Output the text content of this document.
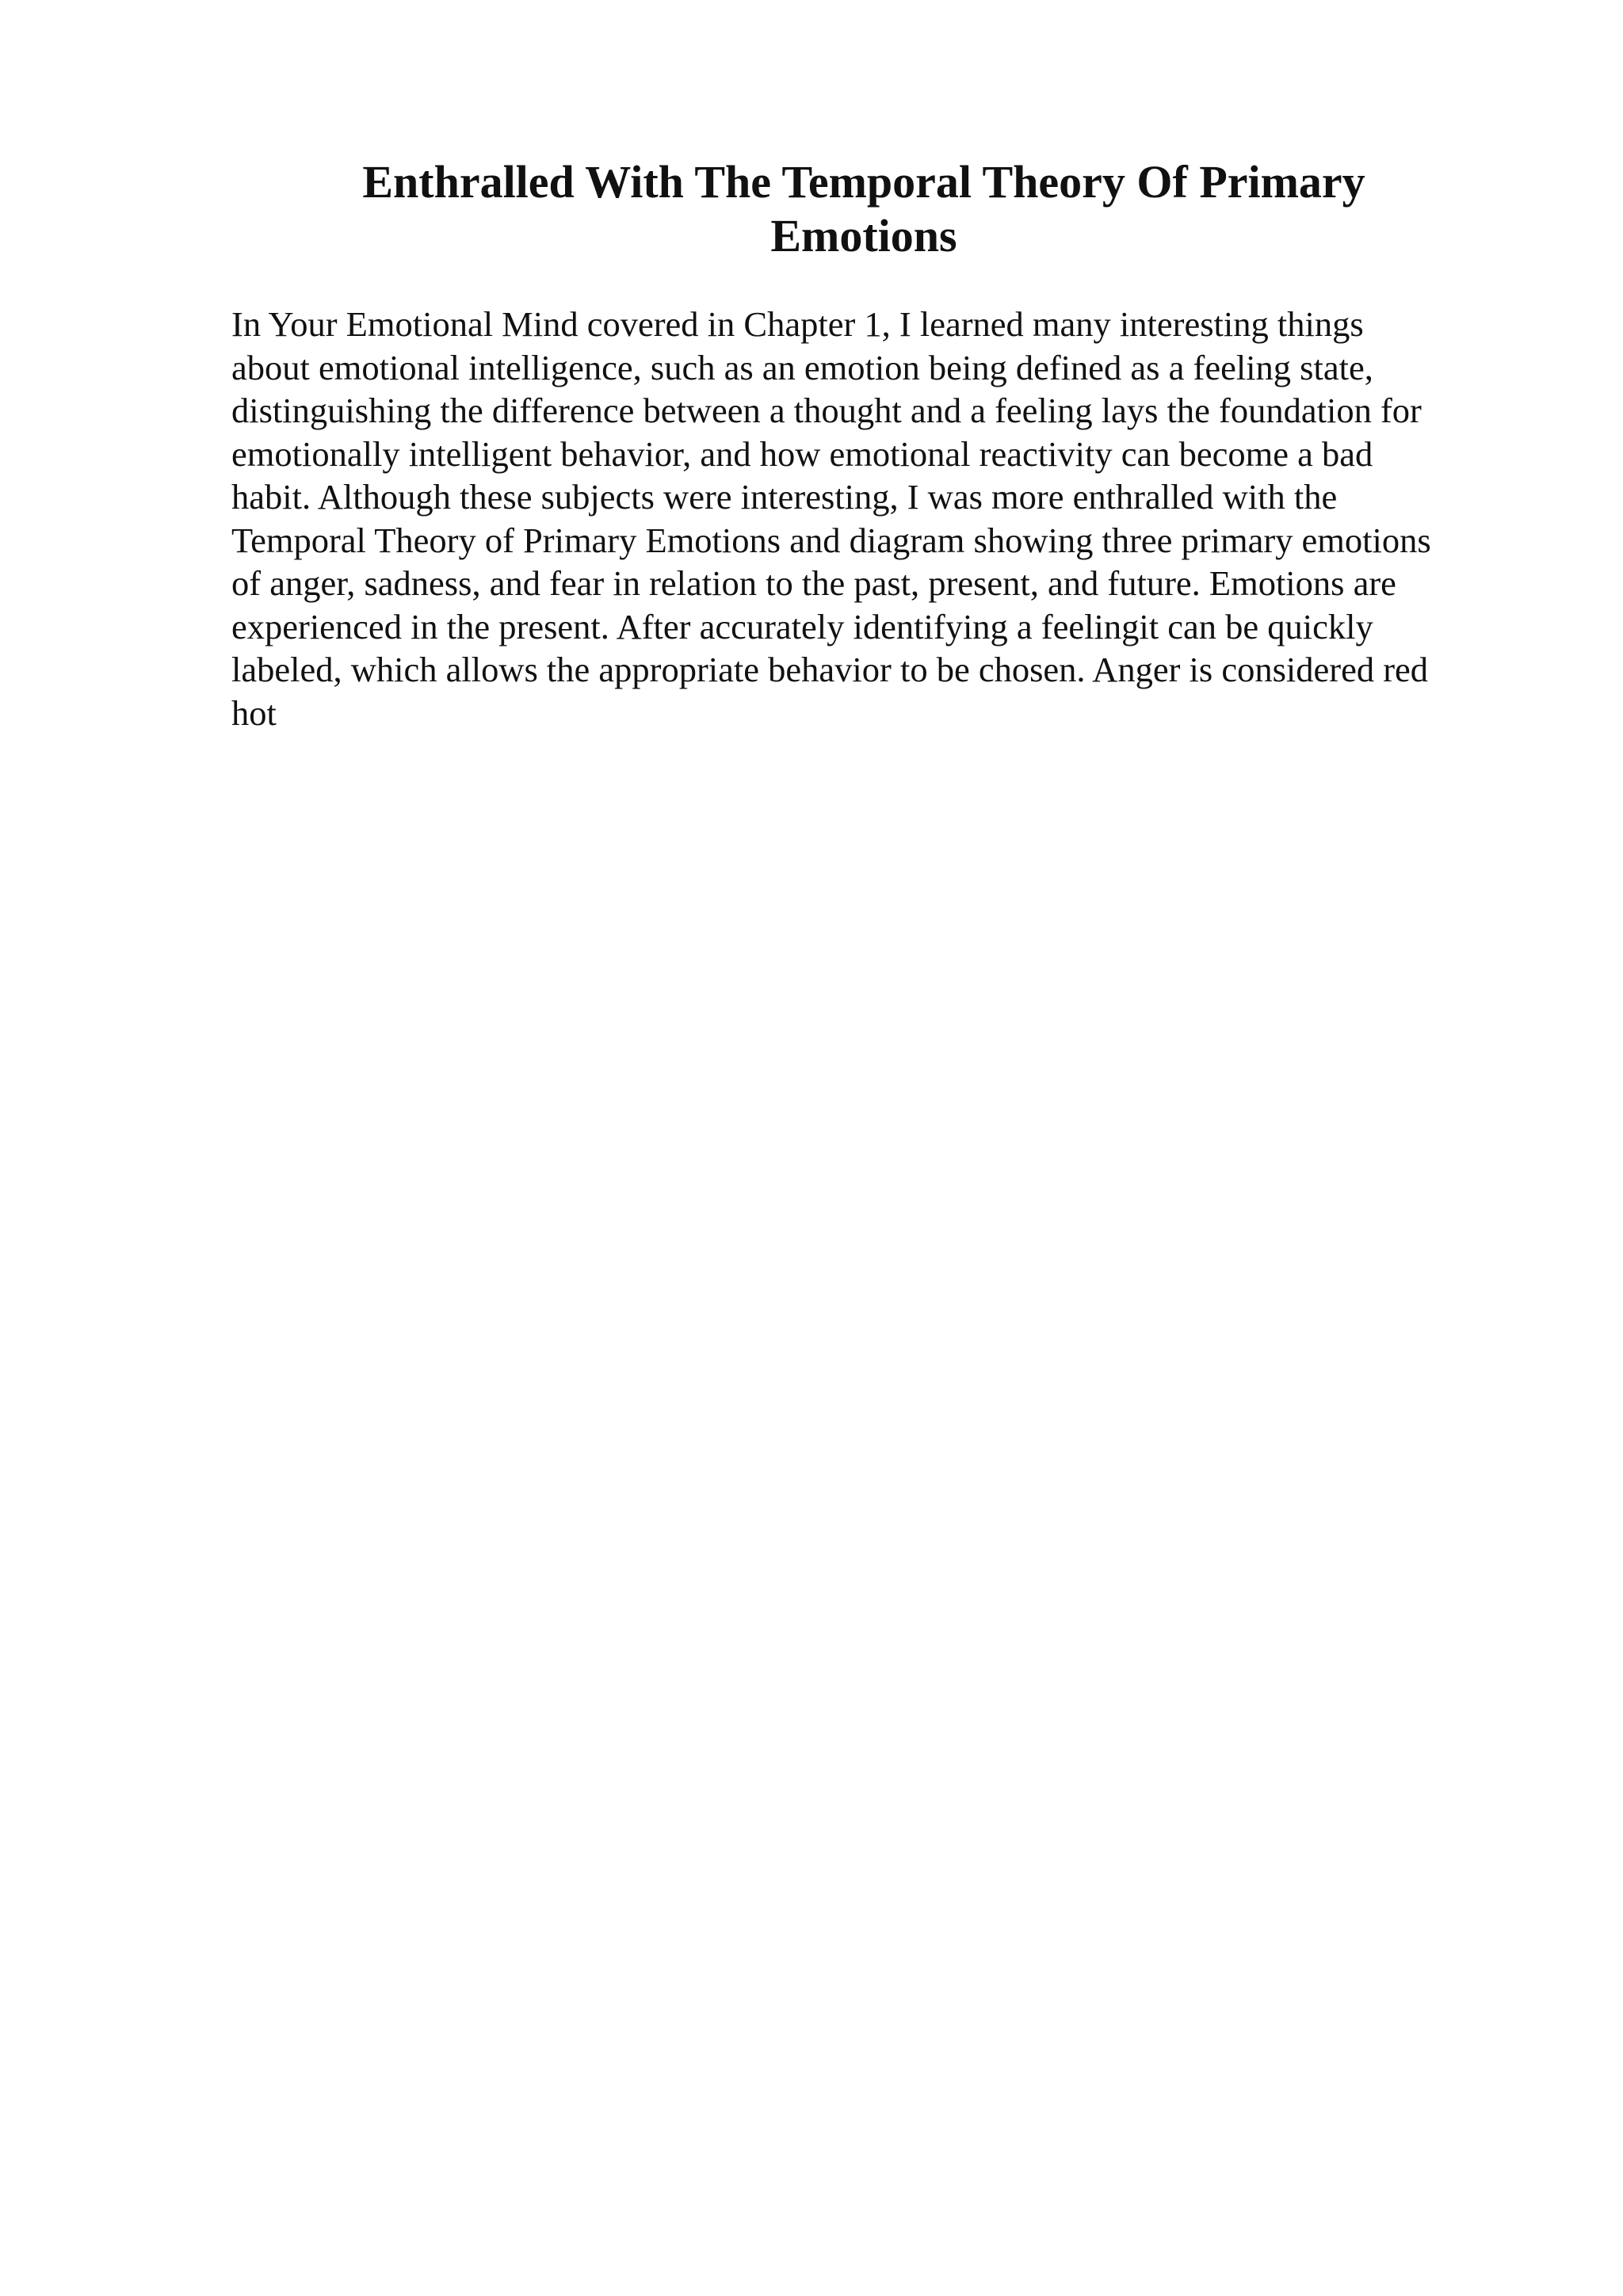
Enthralled With The Temporal Theory Of Primary
Emotions
In Your Emotional Mind covered in Chapter 1, I learned many interesting things
about emotional intelligence, such as an emotion being defined as a feeling state,
distinguishing the difference between a thought and a feeling lays the foundation for
emotionally intelligent behavior, and how emotional reactivity can become a bad
habit. Although these subjects were interesting, I was more enthralled with the
Temporal Theory of Primary Emotions and diagram showing three primary emotions
of anger, sadness, and fear in relation to the past, present, and future. Emotions are
experienced in the present. After accurately identifying a feelingit can be quickly
labeled, which allows the appropriate behavior to be chosen. Anger is considered red
hot
